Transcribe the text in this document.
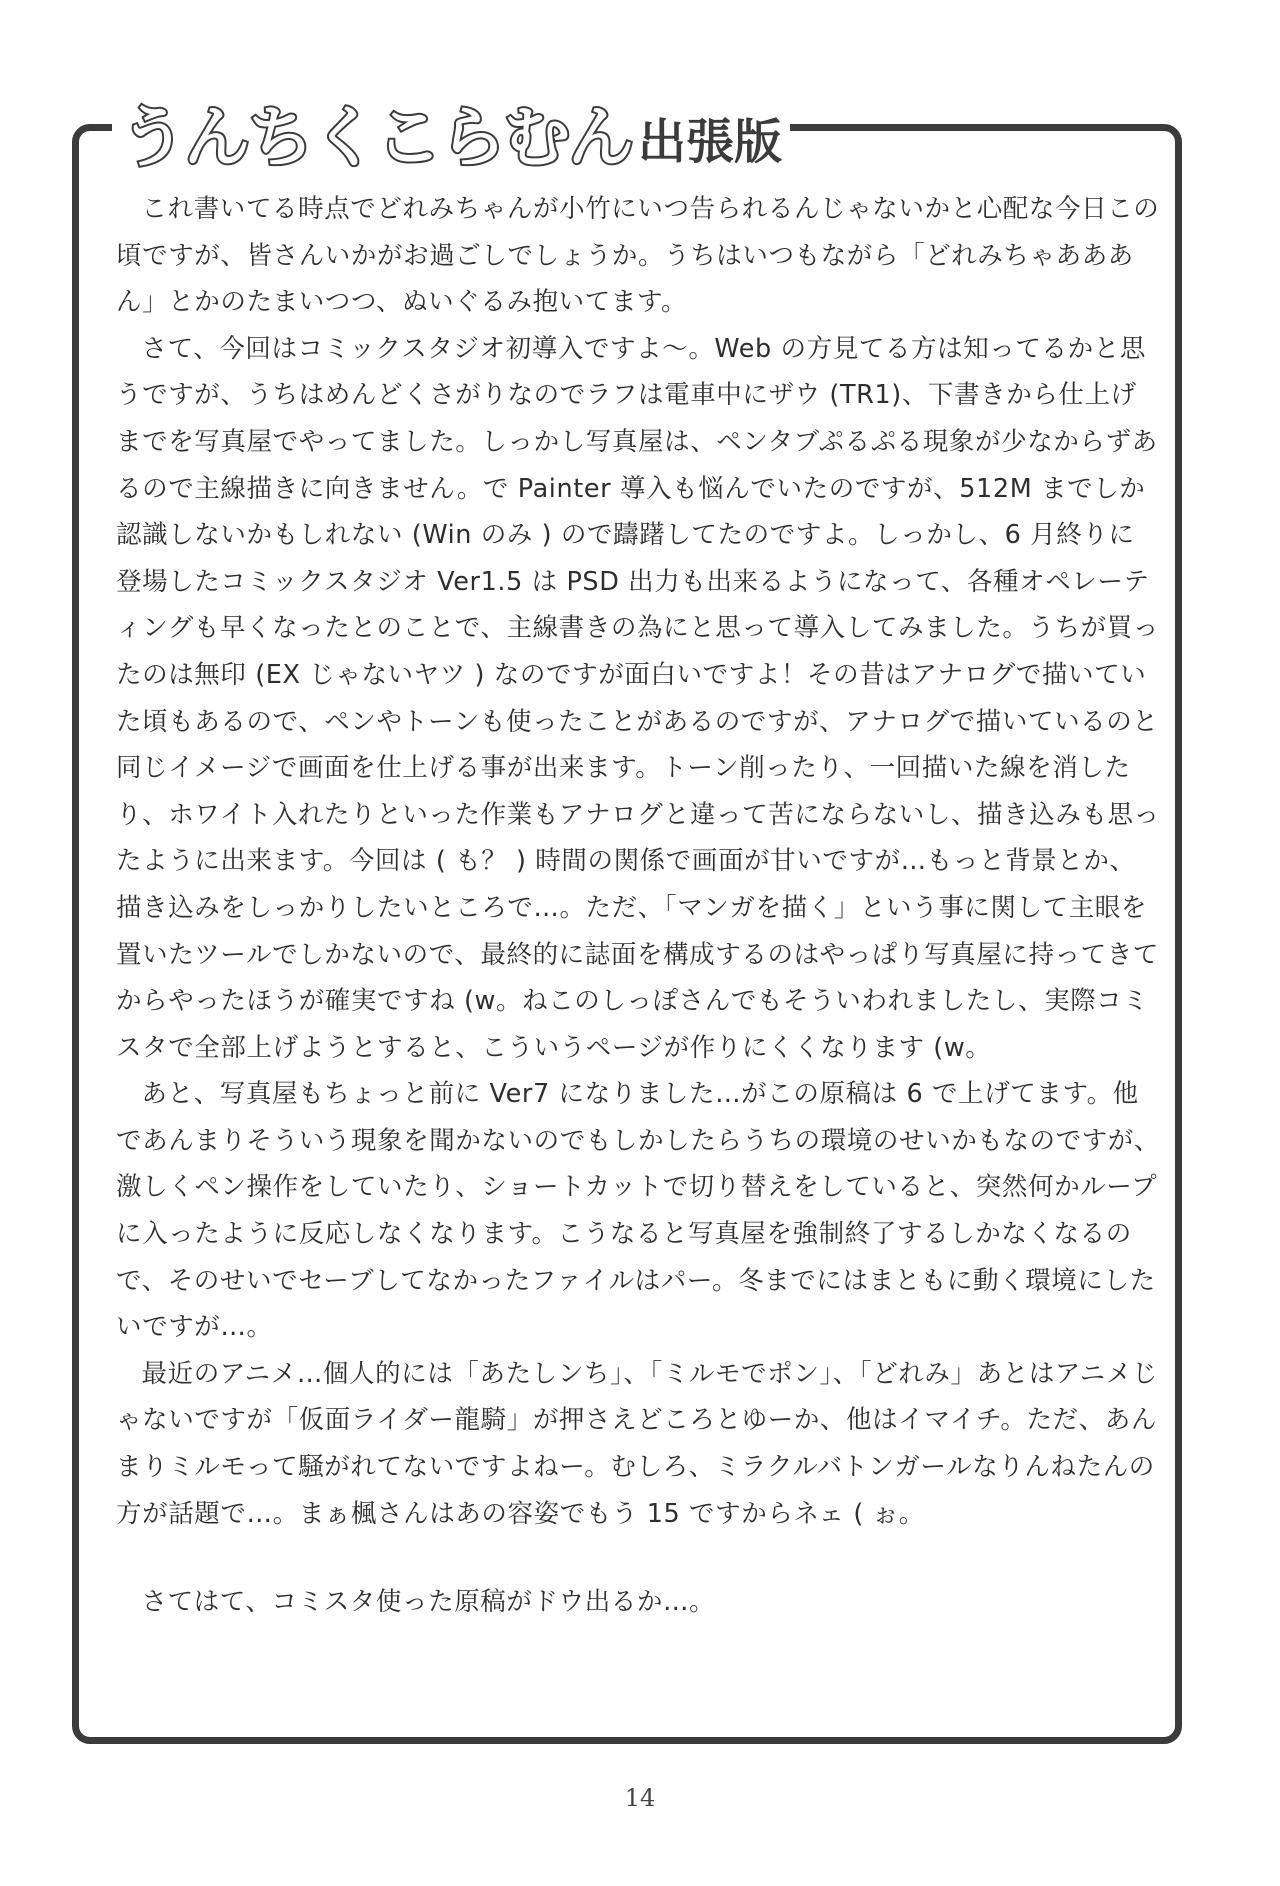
うんちくこらむん 出張版

これ書いてる時点でどれみちゃんが小竹にいつ告られるんじゃないかと心配な今日この頃ですが、皆さんいかがお過ごしでしょうか。うちはいつもながら「どれみちゃあああん」とかのたまいつつ、ぬいぐるみ抱いてます。

さて、今回はコミックスタジオ初導入ですよ〜。Web の方見てる方は知ってるかと思うですが、うちはめんどくさがりなのでラフは電車中にザウ (TR1)、下書きから仕上げまでを写真屋でやってました。しっかし写真屋は、ペンタブぷるぷる現象が少なからずあるので主線描きに向きません。で Painter 導入も悩んでいたのですが、512M までしか認識しないかもしれない (Win のみ ) ので躊躇してたのですよ。しっかし、6 月終りに登場したコミックスタジオ Ver1.5 は PSD 出力も出来るようになって、各種オペレーティングも早くなったとのことで、主線書きの為にと思って導入してみました。うちが買ったのは無印 (EX じゃないヤツ ) なのですが面白いですよ！その昔はアナログで描いていた頃もあるので、ペンやトーンも使ったことがあるのですが、アナログで描いているのと同じイメージで画面を仕上げる事が出来ます。トーン削ったり、一回描いた線を消したり、ホワイト入れたりといった作業もアナログと違って苦にならないし、描き込みも思ったように出来ます。今回は ( も？ ) 時間の関係で画面が甘いですが…もっと背景とか、描き込みをしっかりしたいところで…。ただ、「マンガを描く」という事に関して主眼を置いたツールでしかないので、最終的に誌面を構成するのはやっぱり写真屋に持ってきてからやったほうが確実ですね (w。ねこのしっぽさんでもそういわれましたし、実際コミスタで全部上げようとすると、こういうページが作りにくくなります (w。

あと、写真屋もちょっと前に Ver7 になりました…がこの原稿は 6 で上げてます。他であんまりそういう現象を聞かないのでもしかしたらうちの環境のせいかもなのですが、激しくペン操作をしていたり、ショートカットで切り替えをしていると、突然何かループに入ったように反応しなくなります。こうなると写真屋を強制終了するしかなくなるので、そのせいでセーブしてなかったファイルはパー。冬までにはまともに動く環境にしたいですが…。

最近のアニメ…個人的には「あたしンち」、「ミルモでポン」、「どれみ」あとはアニメじゃないですが「仮面ライダー龍騎」が押さえどころとゆーか、他はイマイチ。ただ、あんまりミルモって騒がれてないですよねー。むしろ、ミラクルバトンガールなりんねたんの方が話題で…。まぁ楓さんはあの容姿でもう 15 ですからネェ ( ぉ。

さてはて、コミスタ使った原稿がドウ出るか…。

14
